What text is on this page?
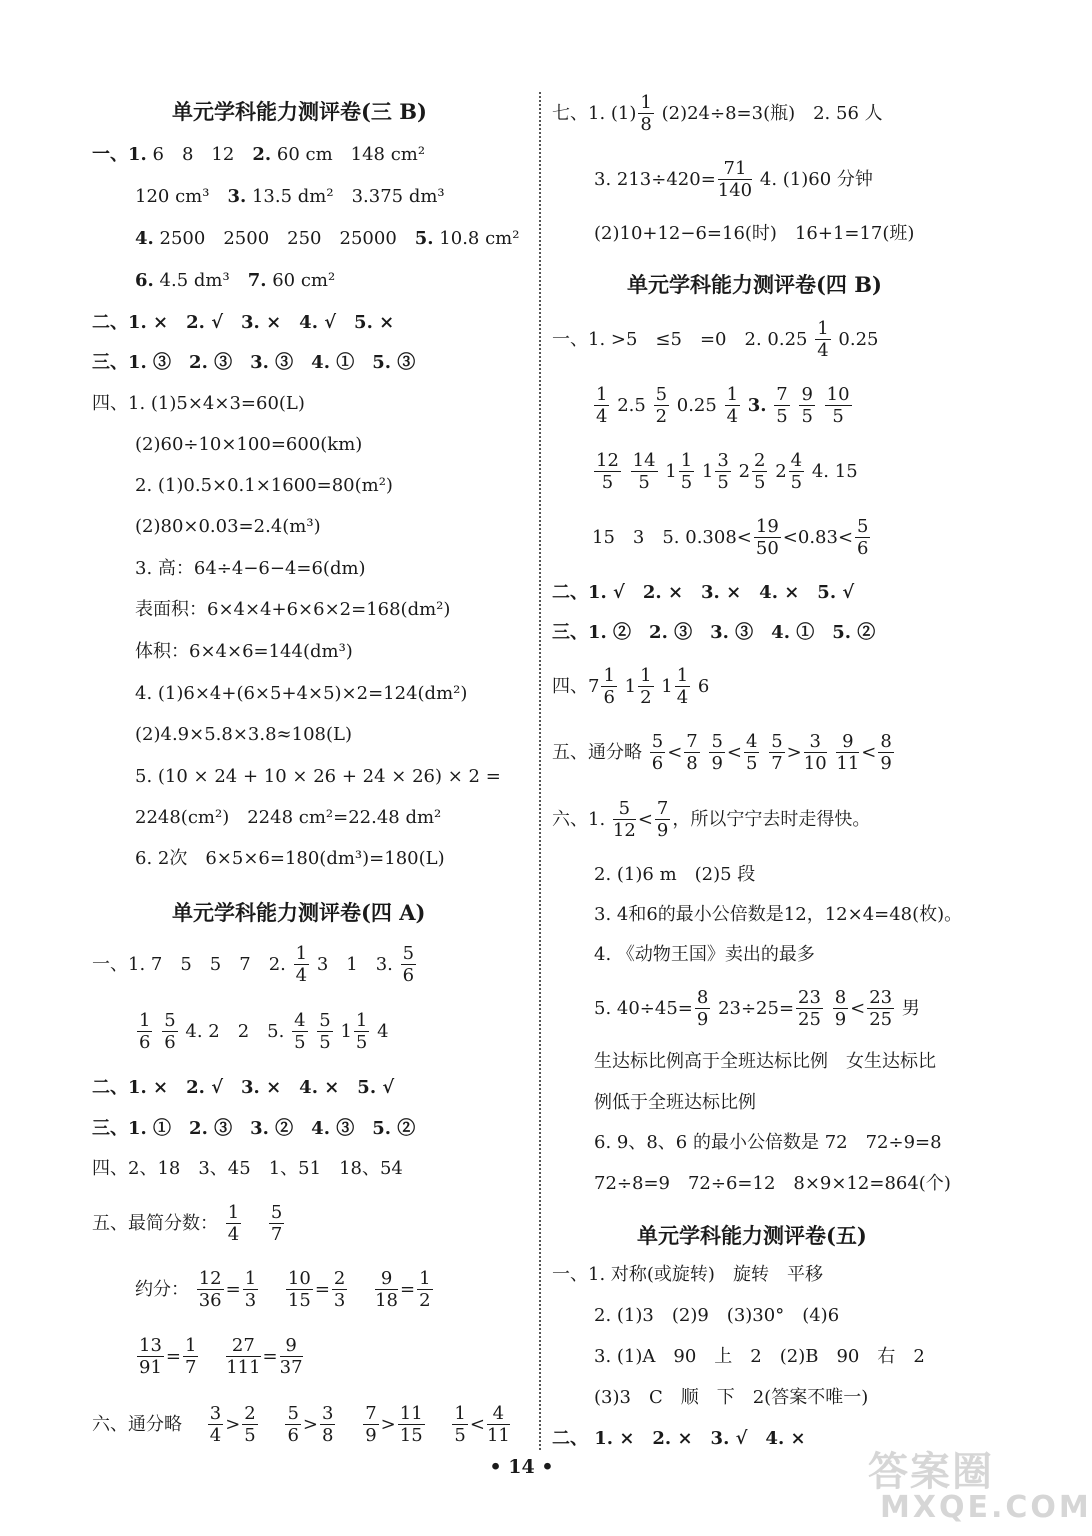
单元学科能力测评卷(三 B)
一、1. 6　8　12　 2. 60 cm　148 cm²
120 cm³　 3. 13.5 dm²　3.375 dm³
4. 2500　2500　250　25000　 5. 10.8 cm²
6. 4.5 dm³　 7. 60 cm²
二、1. ×　2. √　3. ×　4. √　5. ×
三、1. ③　2. ③　3. ③　4. ①　5. ③
四、1. (1)5×4×3=60(L)
(2)60÷10×100=600(km)
2. (1)0.5×0.1×1600=80(m²)
(2)80×0.03=2.4(m³)
3. 高：64÷4−6−4=6(dm)
表面积：6×4×4+6×6×2=168(dm²)
体积：6×4×6=144(dm³)
4. (1)6×4+(6×5+4×5)×2=124(dm²)
(2)4.9×5.8×3.8≈108(L)
5. (10 × 24 + 10 × 26 + 24 × 26) × 2 =
2248(cm²)　2248 cm²=22.48 dm²
6. 2次　6×5×6=180(dm³)=180(L)
单元学科能力测评卷(四 A)
一、1. 7　5　5　7　2. $\frac{1}{4} 3$　1　3. $\frac{5}{6}$
$\frac{1}{6}$
$\frac{5}{6} 4$. 2　2　5. $\frac{4}{5}$
$\frac{5}{5} 1 \frac{1}{5} 4$
二、1. ×　2. √　3. ×　4. ×　5. √
三、1. ①　2. ③　3. ②　4. ③　5. ②
四、2、18　3、45　1、51　18、54
五、最简分数： $\frac{1}{4}$
　 $\frac{5}{7}$
约分： $\frac{12}{36} = \frac{1}{3}$
　 $\frac{10}{15} = \frac{2}{3}$
　 $\frac{9}{18} = \frac{1}{2}$
$\frac{13}{91} = \frac{1}{7}$
　 $\frac{27}{111} = \frac{9}{37}$
六、通分略　 $\frac{3}{4} > \frac{2}{5}$
　 $\frac{5}{6} > \frac{3}{8}$
　 $\frac{7}{9} > \frac{11}{15}$
　 $\frac{1}{5} < \frac{4}{11}$
七、1. $(1) \frac{1}{8} (2)24\div 8=3$(瓶)　2. 56 人
3. $213\div 420= \frac{71}{140} 4$. (1)60 分钟
(2)10+12−6=16(时)　16+1=17(班)
单元学科能力测评卷(四 B)
一、1. >5　≤5　=0　2. $0.25 \frac{1}{4} 0.25$
$\frac{1}{4} 2.5 \frac{5}{2} 0.25 \frac{1}{4} 3$. $\frac{7}{5}$
$\frac{9}{5}$
$\frac{10}{5}$
$\frac{12}{5}$
$\frac{14}{5} 1 \frac{1}{5} 1 \frac{3}{5} 2 \frac{2}{5} 2 \frac{4}{5} 4$. 15
15　3　5. $0.308< \frac{19}{50} <0.83< \frac{5}{6}$
二、1. √　2. ×　3. ×　4. ×　5. √
三、1. ②　2. ③　3. ③　4. ①　5. ②
四、$7 \frac{1}{6} 1 \frac{1}{2} 1 \frac{1}{4} 6$
五、通分略 $\frac{5}{6} < \frac{7}{8}$
$\frac{5}{9} < \frac{4}{5}$
$\frac{5}{7} > \frac{3}{10}$
$\frac{9}{11} < \frac{8}{9}$
六、1. $\frac{5}{12} < \frac{7}{9}$ ，所以宁宁去时走得快。
2. (1)6 m　(2)5 段
3. 4和6的最小公倍数是12，12×4=48(枚)。
4. 《动物王国》卖出的最多
5. $40\div 45= \frac{8}{9} 23\div 25= \frac{23}{25}$
$\frac{8}{9} < \frac{23}{25}$ 男
生达标比例高于全班达标比例　女生达标比
例低于全班达标比例
6. 9、8、6 的最小公倍数是 72　72÷9=8
72÷8=9　72÷6=12　8×9×12=864(个)
单元学科能力测评卷(五)
一、1. 对称(或旋转)　旋转　平移
2. (1)3　(2)9　(3)30°　(4)6
3. (1)A　90　上　2　(2)B　90　右　2
(3)3　C　顺　下　2(答案不唯一)
二、 1. ×　2. ×　3. √　4. ×
• 14 •	答案圈
MXQE.COM
